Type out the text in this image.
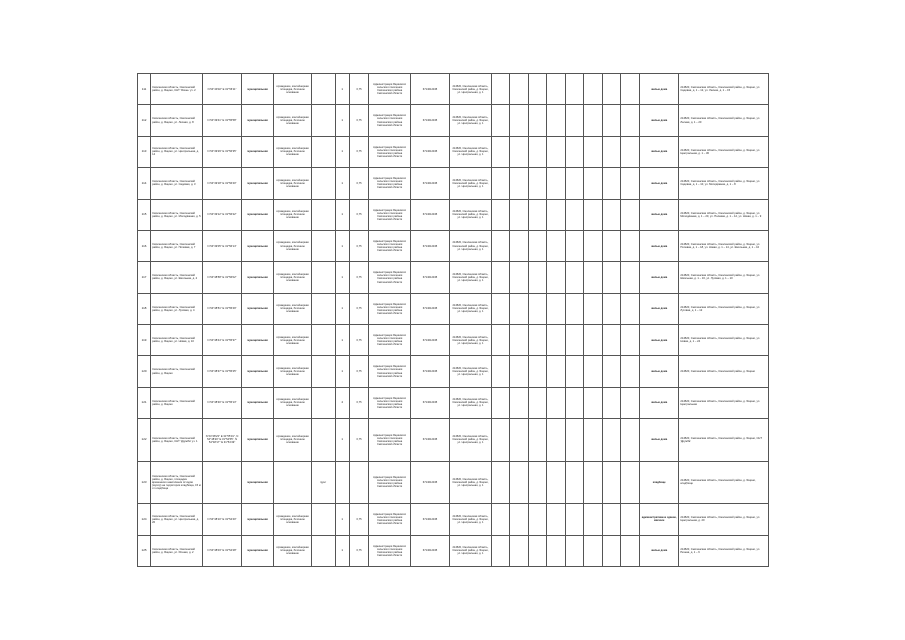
111	Смоленская область, Смоленский район, д. Ящино, СНТ 'Ясень' уч. 2	N 54°49'32'' E 31°56'11''	муниципальная	ограждение, контейнерная площадка, бетонное основание		1	0,75	Администрация Ящинского сельского поселения Смоленского района Смоленской области	6714012345	214520, Смоленская область, Смоленский район, д. Ящино, ул. Центральная, д. 1									жилые дома	214520, Смоленская область, Смоленский район, д. Ящино, ул. Садовая, д. 1 – 12, ул. Лесная, д. 1 – 15
112	Смоленская область, Смоленский район, д. Ящино, ул. Лесная, д. 8	N 54°49'41'' E 31°55'58''	муниципальная	ограждение, контейнерная площадка, бетонное основание		1	0,75	Администрация Ящинского сельского поселения Смоленского района Смоленской области	6714012345	214520, Смоленская область, Смоленский район, д. Ящино, ул. Центральная, д. 1									жилые дома	214520, Смоленская область, Смоленский район, д. Ящино, ул. Лесная, д. 1 – 20
113	Смоленская область, Смоленский район, д. Ящино, ул. Центральная, д. 14	N 54°49'29'' E 31°56'35''	муниципальная	ограждение, контейнерная площадка, бетонное основание		1	0,75	Администрация Ящинского сельского поселения Смоленского района Смоленской области	6714012345	214520, Смоленская область, Смоленский район, д. Ящино, ул. Центральная, д. 1									жилые дома	214520, Смоленская область, Смоленский район, д. Ящино, ул. Центральная, д. 1 – 30
114	Смоленская область, Смоленский район, д. Ящино, ул. Садовая, д. 3	N 54°49'18'' E 31°56'40''	муниципальная	ограждение, контейнерная площадка, бетонное основание		1	0,75	Администрация Ящинского сельского поселения Смоленского района Смоленской области	6714012345	214520, Смоленская область, Смоленский район, д. Ящино, ул. Центральная, д. 1									жилые дома	214520, Смоленская область, Смоленский район, д. Ящино, ул. Садовая, д. 1 – 10, ул. Молодёжная, д. 1 – 8
115	Смоленская область, Смоленский район, д. Ящино, ул. Молодёжная, д. 5	N 54°49'12'' E 31°56'22''	муниципальная	ограждение, контейнерная площадка, бетонное основание		1	0,75	Администрация Ящинского сельского поселения Смоленского района Смоленской области	6714012345	214520, Смоленская область, Смоленский район, д. Ящино, ул. Центральная, д. 1									жилые дома	214520, Смоленская область, Смоленский район, д. Ящино, ул. Молодёжная, д. 1 – 20, ул. Полевая, д. 1 – 12, ул. Новая, д. 1 – 9
116	Смоленская область, Смоленский район, д. Ящино, ул. Полевая, д. 7	N 54°49'05'' E 31°56'14''	муниципальная	ограждение, контейнерная площадка, бетонное основание		1	0,75	Администрация Ящинского сельского поселения Смоленского района Смоленской области	6714012345	214520, Смоленская область, Смоленский район, д. Ящино, ул. Центральная, д. 1									жилые дома	214520, Смоленская область, Смоленский район, д. Ящино, ул. Полевая, д. 1 – 18, ул. Новая, д. 1 – 14, ул. Школьная, д. 1 – 10
117	Смоленская область, Смоленский район, д. Ящино, ул. Школьная, д. 2	N 54°48'58'' E 31°56'02''	муниципальная	ограждение, контейнерная площадка, бетонное основание		1	0,75	Администрация Ящинского сельского поселения Смоленского района Смоленской области	6714012345	214520, Смоленская область, Смоленский район, д. Ящино, ул. Центральная, д. 1									жилые дома	214520, Смоленская область, Смоленский район, д. Ящино, ул. Школьная, д. 1 – 16, ул. Луговая, д. 1 – 10
118	Смоленская область, Смоленский район, д. Ящино, ул. Луговая, д. 4	N 54°48'51'' E 31°55'49''	муниципальная	ограждение, контейнерная площадка, бетонное основание		1	0,75	Администрация Ящинского сельского поселения Смоленского района Смоленской области	6714012345	214520, Смоленская область, Смоленский район, д. Ящино, ул. Центральная, д. 1									жилые дома	214520, Смоленская область, Смоленский район, д. Ящино, ул. Луговая, д. 1 – 12
119	Смоленская область, Смоленский район, д. Ящино, ул. Новая, д. 10	N 54°48'44'' E 31°55'37''	муниципальная	ограждение, контейнерная площадка, бетонное основание		1	0,75	Администрация Ящинского сельского поселения Смоленского района Смоленской области	6714012345	214520, Смоленская область, Смоленский район, д. Ящино, ул. Центральная, д. 1									жилые дома	214520, Смоленская область, Смоленский район, д. Ящино, ул. Новая, д. 1 – 24
120	Смоленская область, Смоленский район, д. Ящино	N 54°48'37'' E 31°55'25''	муниципальная	ограждение, контейнерная площадка, бетонное основание		1	0,75	Администрация Ящинского сельского поселения Смоленского района Смоленской области	6714012345	214520, Смоленская область, Смоленский район, д. Ящино, ул. Центральная, д. 1									жилые дома	214520, Смоленская область, Смоленский район, д. Ящино
121	Смоленская область, Смоленский район, д. Ящино	N 54°48'30'' E 31°55'13''	муниципальная	ограждение, контейнерная площадка, бетонное основание		4	0,75	Администрация Ящинского сельского поселения Смоленского района Смоленской области	6714012345	214520, Смоленская область, Смоленский район, д. Ящино, ул. Центральная, д. 1									жилые дома	214520, Смоленская область, Смоленский район, д. Ящино, ул. Центральная
122	Смоленская область, Смоленский район, д. Ящино, СНТ 'Дружба' уч. 1	N 54°48'23'' E 31°55'01'', N 54°48'20'' E 31°54'55'', N 54°48'17'' E 31°54'49''	муниципальная	ограждение, контейнерная площадка, бетонное основание		1	0,75	Администрация Ящинского сельского поселения Смоленского района Смоленской области	6714012345	214520, Смоленская область, Смоленский район, д. Ящино, ул. Центральная, д. 1									жилые дома	214520, Смоленская область, Смоленский район, д. Ящино, СНТ 'Дружба'
123	Смоленская область, Смоленский район, д. Ящино, площадка временного накопления отходов (мусор) на территории кладбища, 15 м от кладбища		муниципальная		грунт			Администрация Ящинского сельского поселения Смоленского района Смоленской области	6714012345	214520, Смоленская область, Смоленский район, д. Ящино, ул. Центральная, д. 1									кладбище	214520, Смоленская область, Смоленский район, д. Ящино, кладбище
124	Смоленская область, Смоленский район, д. Ящино, ул. Центральная, д. 20	N 54°48'10'' E 31°54'40''	муниципальная	ограждение, контейнерная площадка, бетонное основание		1	0,75	Администрация Ящинского сельского поселения Смоленского района Смоленской области	6714012345	214520, Смоленская область, Смоленский район, д. Ящино, ул. Центральная, д. 1									административное здание, магазин	214520, Смоленская область, Смоленский район, д. Ящино, ул. Центральная, д. 20
125	Смоленская область, Смоленский район, д. Ящино, ул. Речная, д. 2	N 54°48'03'' E 31°54'28''	муниципальная	ограждение, контейнерная площадка, бетонное основание		1	0,75	Администрация Ящинского сельского поселения Смоленского района Смоленской области	6714012345	214520, Смоленская область, Смоленский район, д. Ящино, ул. Центральная, д. 1									жилые дома	214520, Смоленская область, Смоленский район, д. Ящино, ул. Речная, д. 1 – 6
